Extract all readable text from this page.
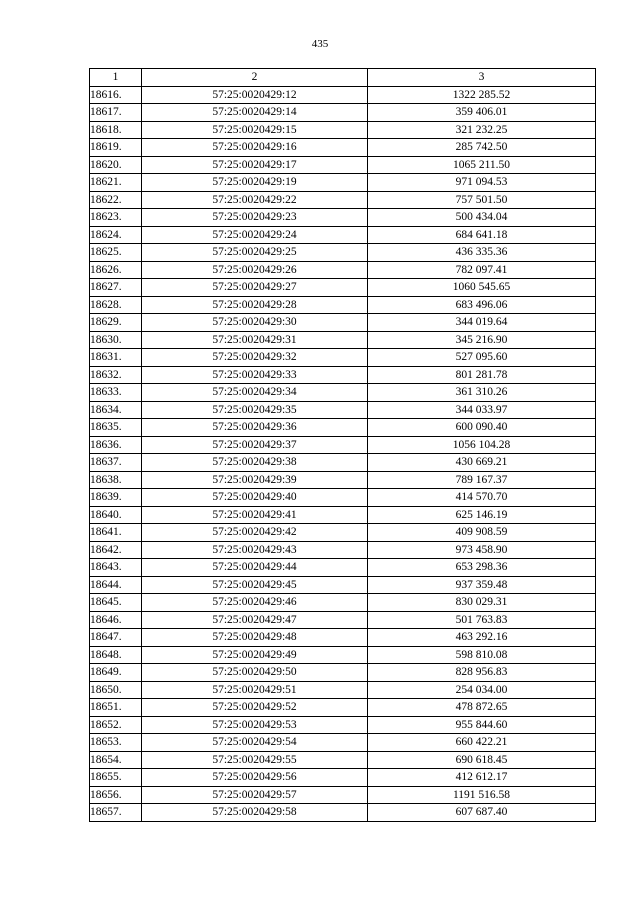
435
1	2	3
18616.	57:25:0020429:12	1322 285.52
18617.	57:25:0020429:14	359 406.01
18618.	57:25:0020429:15	321 232.25
18619.	57:25:0020429:16	285 742.50
18620.	57:25:0020429:17	1065 211.50
18621.	57:25:0020429:19	971 094.53
18622.	57:25:0020429:22	757 501.50
18623.	57:25:0020429:23	500 434.04
18624.	57:25:0020429:24	684 641.18
18625.	57:25:0020429:25	436 335.36
18626.	57:25:0020429:26	782 097.41
18627.	57:25:0020429:27	1060 545.65
18628.	57:25:0020429:28	683 496.06
18629.	57:25:0020429:30	344 019.64
18630.	57:25:0020429:31	345 216.90
18631.	57:25:0020429:32	527 095.60
18632.	57:25:0020429:33	801 281.78
18633.	57:25:0020429:34	361 310.26
18634.	57:25:0020429:35	344 033.97
18635.	57:25:0020429:36	600 090.40
18636.	57:25:0020429:37	1056 104.28
18637.	57:25:0020429:38	430 669.21
18638.	57:25:0020429:39	789 167.37
18639.	57:25:0020429:40	414 570.70
18640.	57:25:0020429:41	625 146.19
18641.	57:25:0020429:42	409 908.59
18642.	57:25:0020429:43	973 458.90
18643.	57:25:0020429:44	653 298.36
18644.	57:25:0020429:45	937 359.48
18645.	57:25:0020429:46	830 029.31
18646.	57:25:0020429:47	501 763.83
18647.	57:25:0020429:48	463 292.16
18648.	57:25:0020429:49	598 810.08
18649.	57:25:0020429:50	828 956.83
18650.	57:25:0020429:51	254 034.00
18651.	57:25:0020429:52	478 872.65
18652.	57:25:0020429:53	955 844.60
18653.	57:25:0020429:54	660 422.21
18654.	57:25:0020429:55	690 618.45
18655.	57:25:0020429:56	412 612.17
18656.	57:25:0020429:57	1191 516.58
18657.	57:25:0020429:58	607 687.40
